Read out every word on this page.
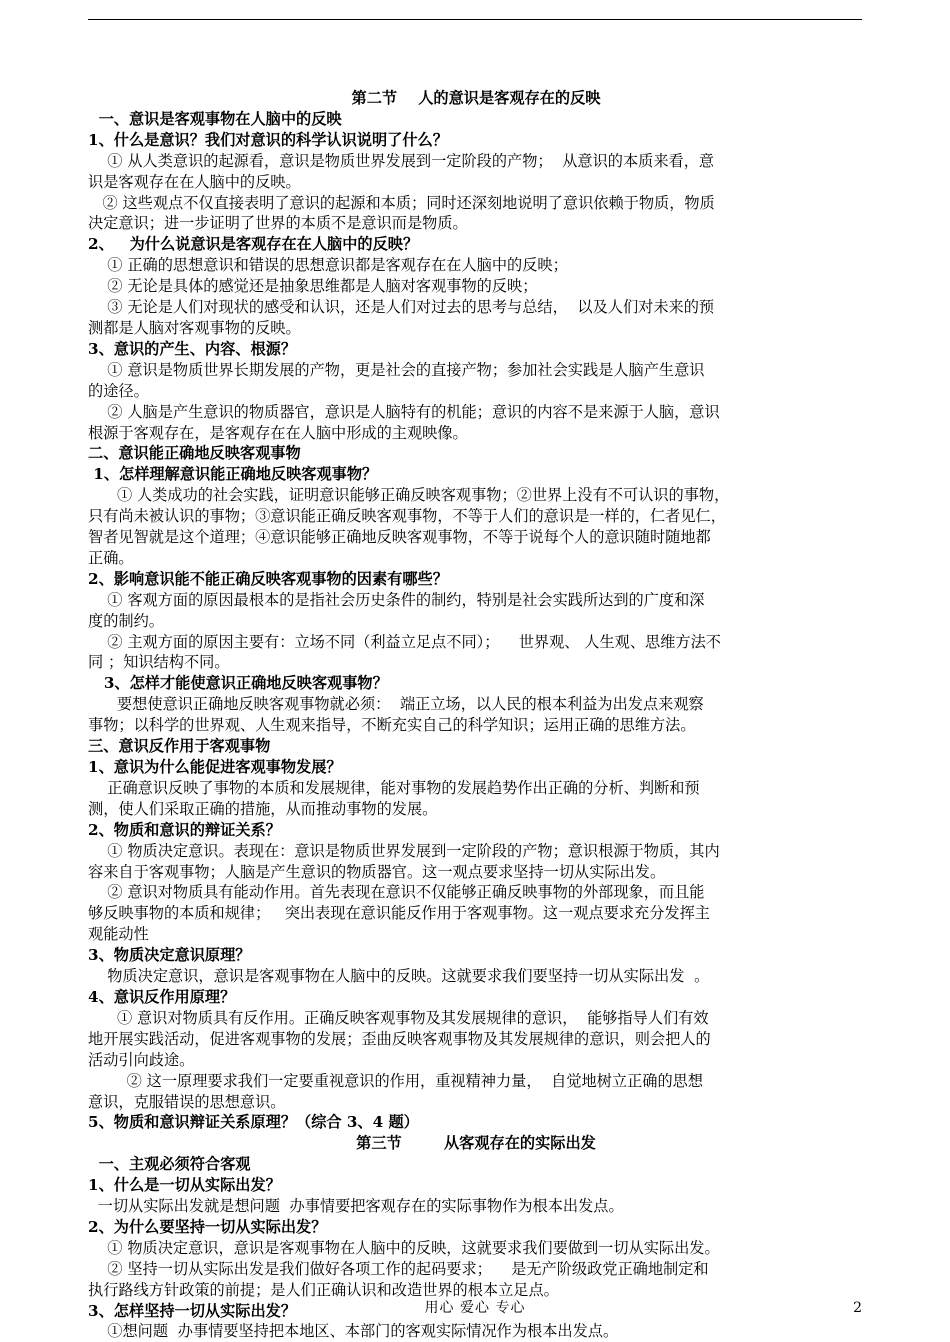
第二节    人的意识是客观存在的反映

一、意识是客观事物在人脑中的反映

1、什么是意识？我们对意识的科学认识说明了什么？

① 从人类意识的起源看，意识是物质世界发展到一定阶段的产物；  从意识的本质来看，意

识是客观存在在人脑中的反映。

② 这些观点不仅直接表明了意识的起源和本质；同时还深刻地说明了意识依赖于物质，物质

决定意识；进一步证明了世界的本质不是意识而是物质。

2、   为什么说意识是客观存在在人脑中的反映？

① 正确的思想意识和错误的思想意识都是客观存在在人脑中的反映；

② 无论是具体的感觉还是抽象思维都是人脑对客观事物的反映；

③ 无论是人们对现状的感受和认识，还是人们对过去的思考与总结，  以及人们对未来的预

测都是人脑对客观事物的反映。

3、意识的产生、内容、根源？

① 意识是物质世界长期发展的产物，更是社会的直接产物；参加社会实践是人脑产生意识

的途径。

② 人脑是产生意识的物质器官，意识是人脑特有的机能；意识的内容不是来源于人脑，意识

根源于客观存在，是客观存在在人脑中形成的主观映像。

二、意识能正确地反映客观事物

1、怎样理解意识能正确地反映客观事物？

① 人类成功的社会实践，证明意识能够正确反映客观事物；②世界上没有不可认识的事物，

只有尚未被认识的事物；③意识能正确反映客观事物，不等于人们的意识是一样的，仁者见仁，

智者见智就是这个道理；④意识能够正确地反映客观事物，不等于说每个人的意识随时随地都

正确。

2、影响意识能不能正确反映客观事物的因素有哪些？

① 客观方面的原因最根本的是指社会历史条件的制约，特别是社会实践所达到的广度和深

度的制约。

② 主观方面的原因主要有：立场不同（利益立足点不同）；    世界观、 人生观、思维方法不

同 ；知识结构不同。

3、怎样才能使意识正确地反映客观事物？

要想使意识正确地反映客观事物就必须：  端正立场，以人民的根本利益为出发点来观察

事物；以科学的世界观、人生观来指导，不断充实自己的科学知识；运用正确的思维方法。

三、意识反作用于客观事物

1、意识为什么能促进客观事物发展？

正确意识反映了事物的本质和发展规律，能对事物的发展趋势作出正确的分析、判断和预

测，使人们采取正确的措施，从而推动事物的发展。

2、物质和意识的辩证关系？

① 物质决定意识。表现在：意识是物质世界发展到一定阶段的产物；意识根源于物质，其内

容来自于客观事物；人脑是产生意识的物质器官。这一观点要求坚持一切从实际出发。

② 意识对物质具有能动作用。首先表现在意识不仅能够正确反映事物的外部现象，而且能

够反映事物的本质和规律；   突出表现在意识能反作用于客观事物。这一观点要求充分发挥主

观能动性

3、物质决定意识原理？

物质决定意识，意识是客观事物在人脑中的反映。这就要求我们要坚持一切从实际出发  。

4、意识反作用原理？

① 意识对物质具有反作用。正确反映客观事物及其发展规律的意识，  能够指导人们有效

地开展实践活动，促进客观事物的发展；歪曲反映客观事物及其发展规律的意识，则会把人的

活动引向歧途。

② 这一原理要求我们一定要重视意识的作用，重视精神力量，  自觉地树立正确的思想

意识，克服错误的思想意识。

5、物质和意识辩证关系原理？（综合 3、4 题）

第三节        从客观存在的实际出发

一、主观必须符合客观

1、什么是一切从实际出发？

一切从实际出发就是想问题  办事情要把客观存在的实际事物作为根本出发点。

2、为什么要坚持一切从实际出发？

① 物质决定意识，意识是客观事物在人脑中的反映，这就要求我们要做到一切从实际出发。

② 坚持一切从实际出发是我们做好各项工作的起码要求；    是无产阶级政党正确地制定和

执行路线方针政策的前提；是人们正确认识和改造世界的根本立足点。

3、怎样坚持一切从实际出发？

①想问题  办事情要坚持把本地区、本部门的客观实际情况作为根本出发点。

用心 爱心 专心	2
